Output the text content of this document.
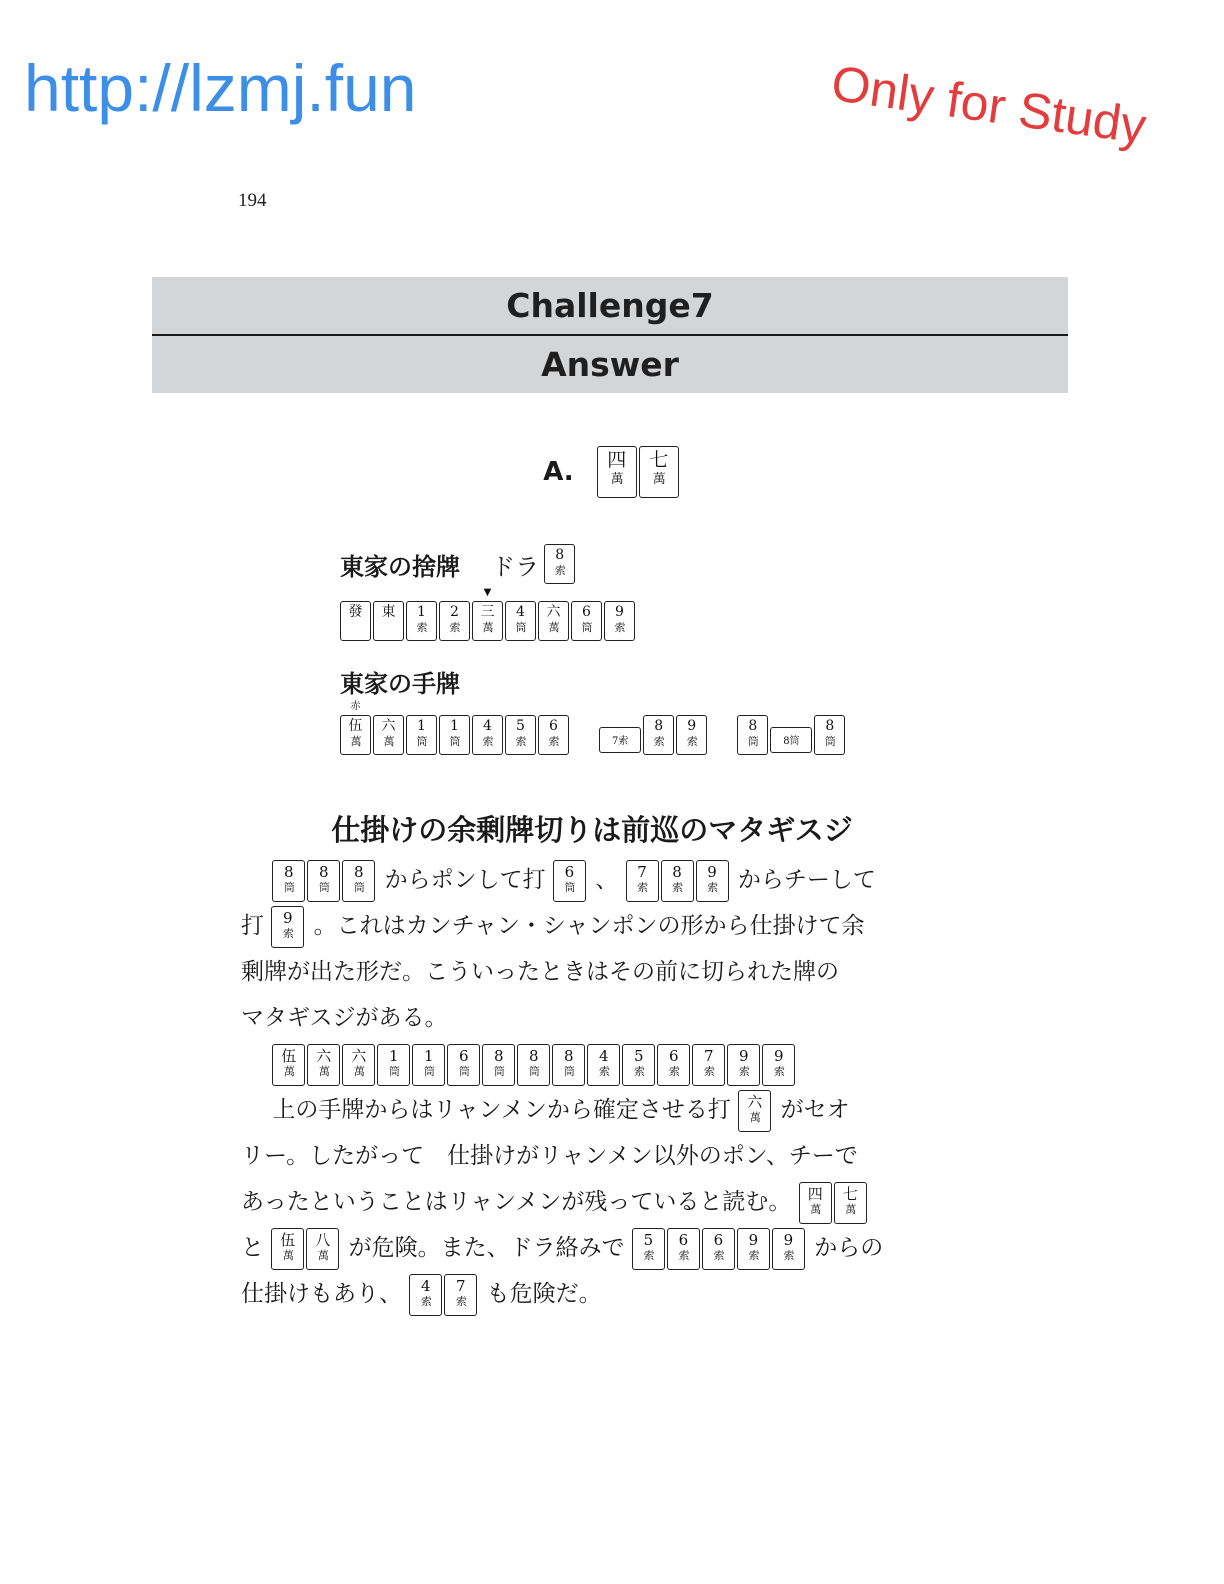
http://lzmj.fun	Only for Study
194
Challenge7
Answer
A. 四
萬
七
萬
東家の捨牌 ドラ 8
索
發 東 1
索
2
索
三
萬
▼
4
筒
六
萬
6
筒
9
索
東家の手牌
伍
萬
赤
六
萬
1
筒
1
筒
4
索
5
索
6
索	7索8
索
9
索
8
筒	8筒8
筒
仕掛けの余剰牌切りは前巡のマタギスジ
8
筒
8
筒
8
筒 からポンして打 6
筒 、 7
索
8
索
9
索 からチーして
打 9
索 。これはカンチャン・シャンポンの形から仕掛けて余
剰牌が出た形だ。こういったときはその前に切られた牌の
マタギスジがある。
伍
萬
六
萬
六
萬
1
筒
1
筒
6
筒
8
筒
8
筒
8
筒
4
索
5
索
6
索
7
索
9
索
9
索
上の手牌からはリャンメンから確定させる打 六
萬 がセオ
リー。したがって　仕掛けがリャンメン以外のポン、チーで
あったということはリャンメンが残っていると読む。 四
萬
七
萬
と 伍
萬
八
萬 が危険。また、ドラ絡みで 5
索
6
索
6
索
9
索
9
索 からの
仕掛けもあり、 4
索
7
索 も危険だ。
